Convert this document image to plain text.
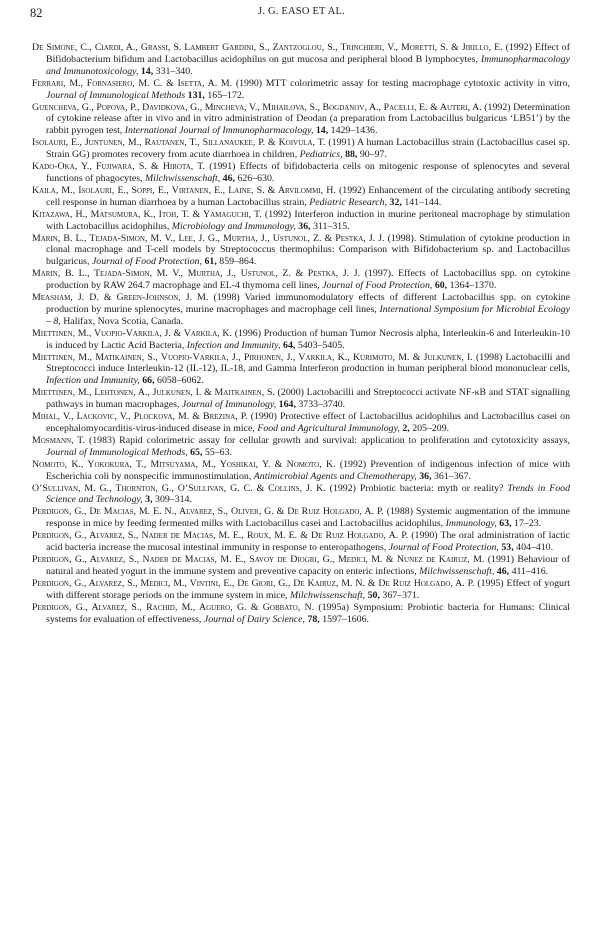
82	J. G. EASO ET AL.

De Simone, C., Ciardi, A., Grassi, S. Lambert Gardini, S., Zantzoglou, S., Trinchieri, V., Moretti, S. & Jirillo, E. (1992) Effect of Bifidobacterium bifidum and Lactobacillus acidophilus on gut mucosa and peripheral blood B lymphocytes, Immunopharmacology and Immunotoxicology, 14, 331–340.

Ferrari, M., Fornasiero, M. C. & Isetta, A. M. (1990) MTT colorimetric assay for testing macrophage cytotoxic activity in vitro, Journal of Immunological Methods 131, 165–172.

Guencheva, G., Popova, P., Davidkova, G., Mincheva, V., Mihailova, S., Bogdanov, A., Pacelli, E. & Auteri, A. (1992) Determination of cytokine release after in vivo and in vitro administration of Deodan (a preparation from Lactobacillus bulgaricus ‘LB51’) by the rabbit pyrogen test, International Journal of Immunopharmacology, 14, 1429–1436.

Isolauri, E., Juntunen, M., Rautanen, T., Sillanaukee, P. & Koivula, T. (1991) A human Lactobacillus strain (Lactobacillus casei sp. Strain GG) promotes recovery from acute diarrhoea in children, Pediatrics, 88, 90–97.

Kado-Oka, Y., Fujiwara, S. & Hirota, T. (1991) Effects of bifidobacteria cells on mitogenic response of splenocytes and several functions of phagocytes, Milchwissenschaft, 46, 626–630.

Kaila, M., Isolauri, E., Soppi, E., Virtanen, E., Laine, S. & Arvilommi, H. (1992) Enhancement of the circulating antibody secreting cell response in human diarrhoea by a human Lactobacillus strain, Pediatric Research, 32, 141–144.

Kitazawa, H., Matsumura, K., Itoh, T. & Yamaguchi, T. (1992) Interferon induction in murine peritoneal macrophage by stimulation with Lactobacillus acidophilus, Microbiology and Immunology, 36, 311–315.

Marin, B. L., Tejada-Simon, M. V., Lee, J. G., Murtha, J., Ustunol, Z. & Pestka, J. J. (1998). Stimulation of cytokine production in clonal macrophage and T-cell models by Streptococcus thermophilus: Comparison with Bifidobacterium sp. and Lactobacillus bulgaricus, Journal of Food Protection, 61, 859–864.

Marin, B. L., Tejada-Simon, M. V., Murtha, J., Ustunol, Z. & Pestka, J. J. (1997). Effects of Lactobacillus spp. on cytokine production by RAW 264.7 macrophage and EL-4 thymoma cell lines, Journal of Food Protection, 60, 1364–1370.

Measham, J. D. & Green-Johnson, J. M. (1998) Varied immunomodulatory effects of different Lactobacillus spp. on cytokine production by murine splenocytes, murine macrophages and macrophage cell lines, International Symposium for Microbial Ecology – 8, Halifax, Nova Scotia, Canada.

Miettinen, M., Vuopio-Varkila, J. & Varkila, K. (1996) Production of human Tumor Necrosis alpha, Interleukin-6 and Interleukin-10 is induced by Lactic Acid Bacteria, Infection and Immunity, 64, 5403–5405.

Miettinen, M., Matikainen, S., Vuopio-Varkila, J., Pirhonen, J., Varkila, K., Kurimoto, M. & Julkunen, I. (1998) Lactobacilli and Streptococci induce Interleukin-12 (IL-12), IL-18, and Gamma Interferon production in human peripheral blood mononuclear cells, Infection and Immunity, 66, 6058–6062.

Miettinen, M., Lehtonen, A., Julkunen, I. & Maitkainen, S. (2000) Lactobacilli and Streptococci activate NF-κB and STAT signalling pathways in human macrophages, Journal of Immunology, 164, 3733–3740.

Mihal, V., Lackovic, V., Plockova, M. & Brezina, P. (1990) Protective effect of Lactobacillus acidophilus and Lactobacillus casei on encephalomyocarditis-virus-induced disease in mice, Food and Agricultural Immunology, 2, 205–209.

Mosmann, T. (1983) Rapid colorimetric assay for cellular growth and survival: application to proliferation and cytotoxicity assays, Journal of Immunological Methods, 65, 55–63.

Nomoto, K., Yokokura, T., Mitsuyama, M., Yoshikai, Y. & Nomoto, K. (1992) Prevention of indigenous infection of mice with Escherichia coli by nonspecific immunostimulation, Antimicrobial Agents and Chemotherapy, 36, 361–367.

O’Sullivan, M. G., Thornton, G., O’Sullivan, G. C. & Collins, J. K. (1992) Probiotic bacteria: myth or reality? Trends in Food Science and Technology, 3, 309–314.

Perdigon, G., De Macias, M. E. N., Alvarez, S., Oliver, G. & De Ruiz Holgado, A. P. (1988) Systemic augmentation of the immune response in mice by feeding fermented milks with Lactobacillus casei and Lactobacillus acidophilus, Immunology, 63, 17–23.

Perdigon, G., Alvarez, S., Nader de Macias, M. E., Roux, M. E. & De Ruiz Holgado, A. P. (1990) The oral administration of lactic acid bacteria increase the mucosal intestinal immunity in response to enteropathogens, Journal of Food Protection, 53, 404–410.

Perdigon, G., Alvarez, S., Nader de Macias, M. E., Savoy de Diogri, G., Medici, M. & Nunez de Kairuz, M. (1991) Behaviour of natural and heated yogurt in the immune system and preventive capacity on enteric infections, Milchwissenschaft, 46, 411–416.

Perdigon, G., Alvarez, S., Medici, M., Vintini, E., De Giori, G., De Kairuz, M. N. & De Ruiz Holgado, A. P. (1995) Effect of yogurt with different storage periods on the immune system in mice, Milchwissenschaft, 50, 367–371.

Perdigon, G., Alvarez, S., Rachid, M., Aguero, G. & Gobbato, N. (1995a) Symposium: Probiotic bacteria for Humans: Clinical systems for evaluation of effectiveness, Journal of Dairy Science, 78, 1597–1606.
